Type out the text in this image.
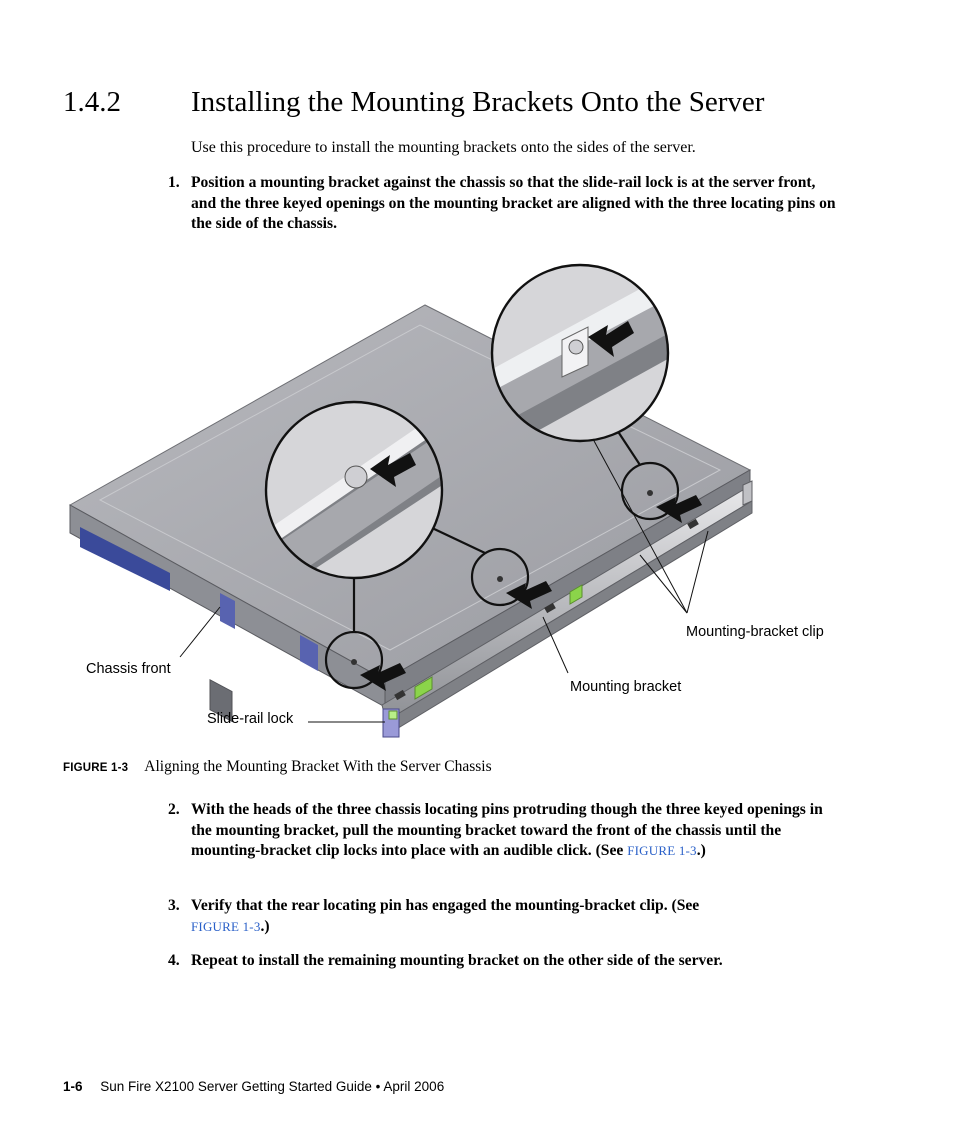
1.4.2 Installing the Mounting Brackets Onto the Server
Use this procedure to install the mounting brackets onto the sides of the server.
1. Position a mounting bracket against the chassis so that the slide-rail lock is at the server front, and the three keyed openings on the mounting bracket are aligned with the three locating pins on the side of the chassis.
Chassis front
Slide-rail lock
Mounting bracket
Mounting-bracket clip
FIGURE 1-3 Aligning the Mounting Bracket With the Server Chassis
2. With the heads of the three chassis locating pins protruding though the three keyed openings in the mounting bracket, pull the mounting bracket toward the front of the chassis until the mounting-bracket clip locks into place with an audible click. (See FIGURE 1-3.)
3. Verify that the rear locating pin has engaged the mounting-bracket clip. (See
FIGURE 1-3.)
4. Repeat to install the remaining mounting bracket on the other side of the server.
1-6 Sun Fire X2100 Server Getting Started Guide • April 2006
